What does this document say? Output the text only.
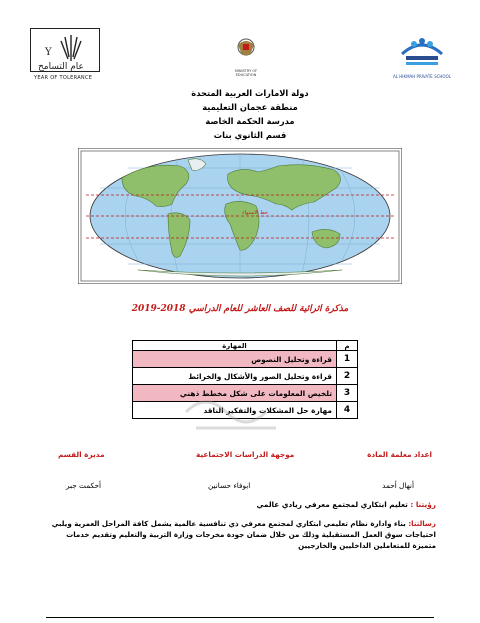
Y
عام التسامح
YEAR OF TOLERANCE
MINISTRY OF EDUCATION	AL HIKMAH PRIVATE SCHOOL
دولة الامارات العربية المتحدة
منطقة عجمان التعليمية
مدرسة الحكمة الخاصة
قسم الثانوي بنات
خط الاستواء
مذكرة اثرائية للصف العاشر للعام الدراسي 2018-2019
م	المهارة
1	قراءة وتحليل النصوص
2	قراءة وتحليل الصور والأشكال والخرائط
3	تلخيص المعلومات على شكل مخطط ذهني
4	مهارة حل المشكلات والتفكير الناقد
اعداد معلمة المادة
موجهة الدراسات الاجتماعية
مديرة القسم
أنهال أحمد
ابوفاء حسانين
أحكمت جبر
رؤيتنا : تعليم ابتكاري لمجتمع معرفي ريادي عالمي
رسالتنا: بناء وادارة نظام تعليمي ابتكاري لمجتمع معرفي ذي تنافسية عالمية يشمل كافة المراحل العمرية ويلبي احتياجات سوق العمل المستقبلية وذلك من خلال ضمان جودة مخرجات وزارة التربية والتعليم وتقديم خدمات متميزة للمتعاملين الداخليين والخارجيين
